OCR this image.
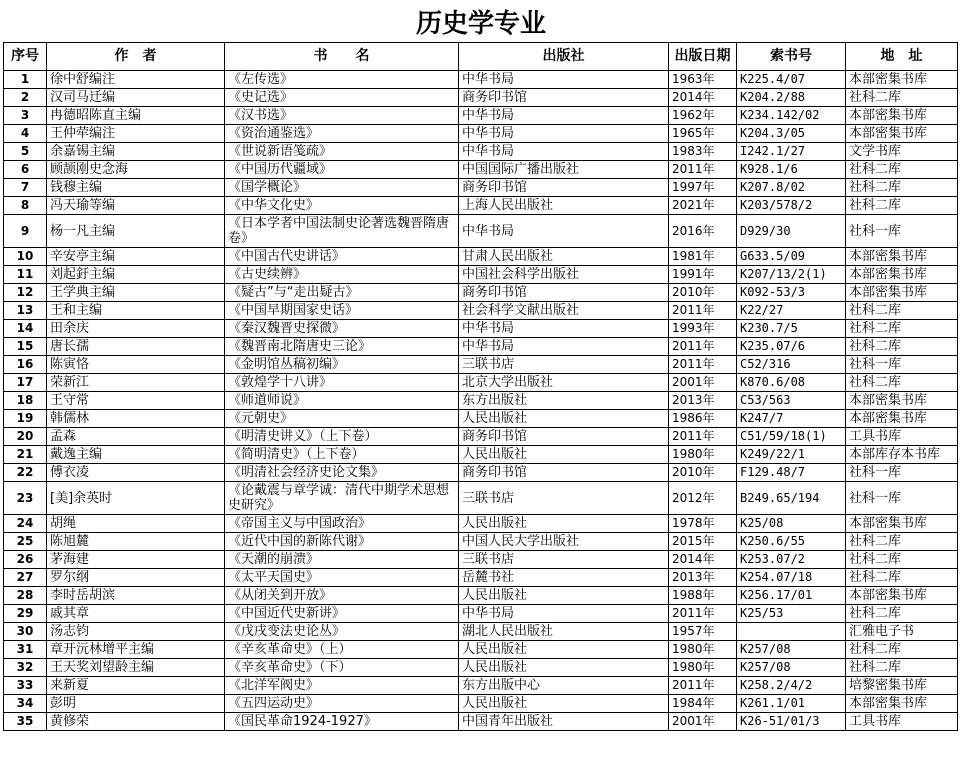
历史学专业
序号	作　者	书　　名	出版社	出版日期	索书号	地　址
1	徐中舒编注	《左传选》	中华书局	1963年	K225.4/07	本部密集书库
2	汉司马迁编	《史记选》	商务印书馆	2014年	K204.2/88	社科二库
3	冉德昭陈直主编	《汉书选》	中华书局	1962年	K234.142/02	本部密集书库
4	王仲荦编注	《资治通鉴选》	中华书局	1965年	K204.3/05	本部密集书库
5	余嘉锡主编	《世说新语笺疏》	中华书局	1983年	I242.1/27	文学书库
6	顾颉刚史念海	《中国历代疆域》	中国国际广播出版社	2011年	K928.1/6	社科二库
7	钱穆主编	《国学概论》	商务印书馆	1997年	K207.8/02	社科二库
8	冯天瑜等编	《中华文化史》	上海人民出版社	2021年	K203/578/2	社科二库
9	杨一凡主编	《日本学者中国法制史论著选魏晋隋唐卷》	中华书局	2016年	D929/30	社科一库
10	辛安亭主编	《中国古代史讲话》	甘肃人民出版社	1981年	G633.5/09	本部密集书库
11	刘起釪主编	《古史续辨》	中国社会科学出版社	1991年	K207/13/2(1)	本部密集书库
12	王学典主编	《疑古”与“走出疑古》	商务印书馆	2010年	K092-53/3	本部密集书库
13	王和主编	《中国早期国家史话》	社会科学文献出版社	2011年	K22/27	社科二库
14	田余庆	《秦汉魏晋史探微》	中华书局	1993年	K230.7/5	社科二库
15	唐长孺	《魏晋南北隋唐史三论》	中华书局	2011年	K235.07/6	社科二库
16	陈寅恪	《金明馆丛稿初编》	三联书店	2011年	C52/316	社科一库
17	荣新江	《敦煌学十八讲》	北京大学出版社	2001年	K870.6/08	社科二库
18	王守常	《师道师说》	东方出版社	2013年	C53/563	本部密集书库
19	韩儒林	《元朝史》	人民出版社	1986年	K247/7	本部密集书库
20	孟森	《明清史讲义》（上下卷）	商务印书馆	2011年	C51/59/18(1)	工具书库
21	戴逸主编	《简明清史》（上下卷）	人民出版社	1980年	K249/22/1	本部库存本书库
22	傅衣凌	《明清社会经济史论文集》	商务印书馆	2010年	F129.48/7	社科一库
23	[美]余英时	《论戴震与章学诚：清代中期学术思想史研究》	三联书店	2012年	B249.65/194	社科一库
24	胡绳	《帝国主义与中国政治》	人民出版社	1978年	K25/08	本部密集书库
25	陈旭麓	《近代中国的新陈代谢》	中国人民大学出版社	2015年	K250.6/55	社科二库
26	茅海建	《天潮的崩溃》	三联书店	2014年	K253.07/2	社科二库
27	罗尔纲	《太平天国史》	岳麓书社	2013年	K254.07/18	社科二库
28	李时岳胡滨	《从闭关到开放》	人民出版社	1988年	K256.17/01	本部密集书库
29	戚其章	《中国近代史新讲》	中华书局	2011年	K25/53	社科二库
30	汤志钧	《戊戌变法史论丛》	湖北人民出版社	1957年		汇雅电子书
31	章开沅林增平主编	《辛亥革命史》（上）	人民出版社	1980年	K257/08	社科二库
32	王天奖刘望龄主编	《辛亥革命史》（下）	人民出版社	1980年	K257/08	社科二库
33	来新夏	《北洋军阀史》	东方出版中心	2011年	K258.2/4/2	培黎密集书库
34	彭明	《五四运动史》	人民出版社	1984年	K261.1/01	本部密集书库
35	黄修荣	《国民革命1924-1927》	中国青年出版社	2001年	K26-51/01/3	工具书库
